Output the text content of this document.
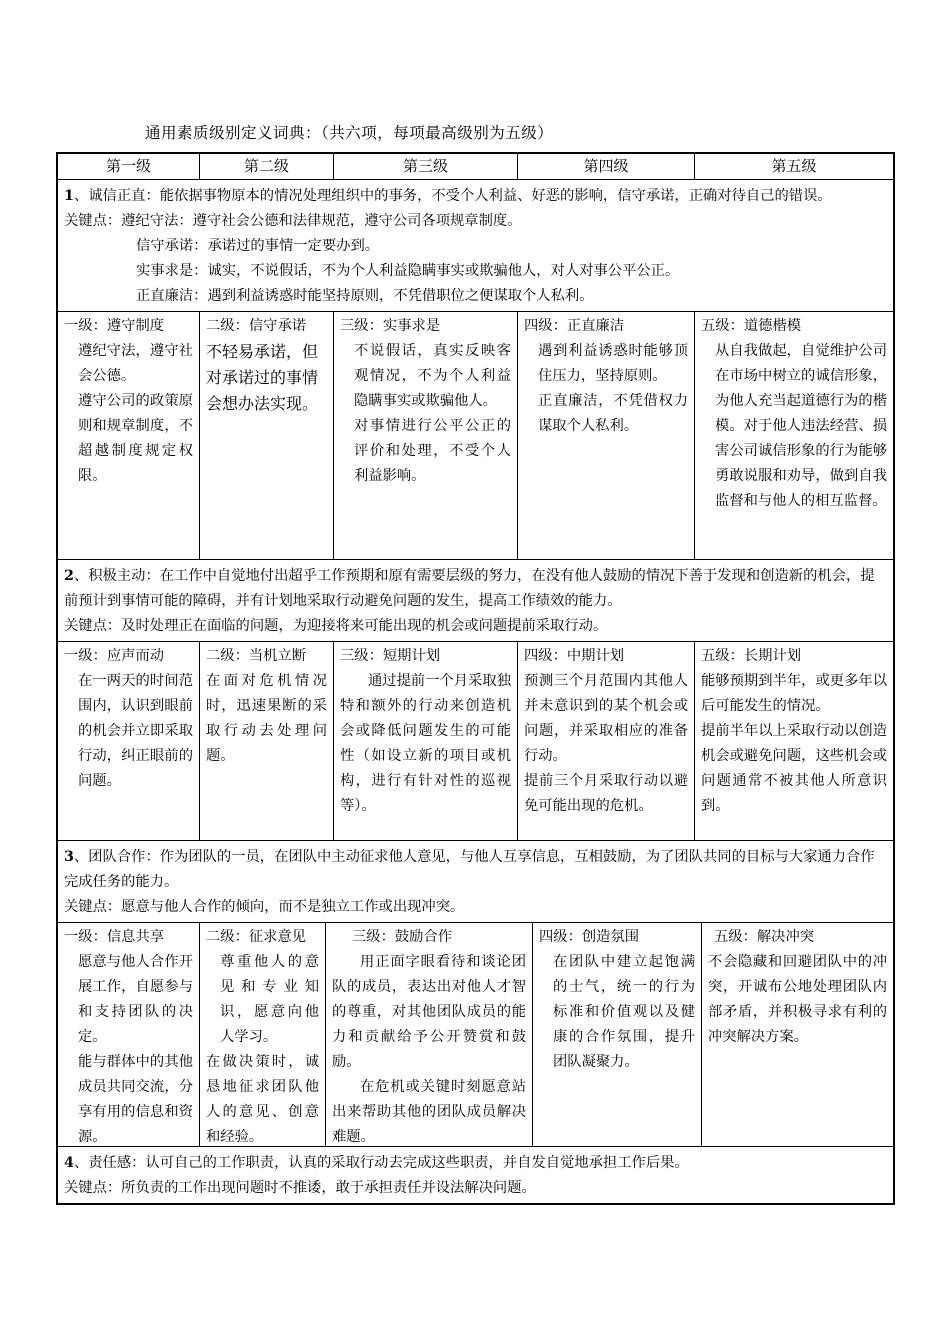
通用素质级别定义词典：（共六项，每项最高级别为五级）
第一级	第二级	第三级	第四级	第五级

1、诚信正直：能依据事物原本的情况处理组织中的事务，不受个人利益、好恶的影响，信守承诺，正确对待自己的错误。

关键点：遵纪守法：遵守社会公德和法律规范，遵守公司各项规章制度。

信守承诺：承诺过的事情一定要办到。

实事求是：诚实，不说假话，不为个人利益隐瞒事实或欺骗他人，对人对事公平公正。

正直廉洁：遇到利益诱惑时能坚持原则，不凭借职位之便谋取个人私利。

一级：遵守制度
遵纪守法，遵守社会公德。
遵守公司的政策原则和规章制度，不超越制度规定权限。
二级：信守承诺
不轻易承诺，但对承诺过的事情会想办法实现。
三级：实事求是
不说假话，真实反映客观情况，不为个人利益隐瞒事实或欺骗他人。
对事情进行公平公正的评价和处理，不受个人利益影响。
四级：正直廉洁
遇到利益诱惑时能够顶住压力，坚持原则。
正直廉洁，不凭借权力谋取个人私利。
五级：道德楷模
从自我做起，自觉维护公司在市场中树立的诚信形象，为他人充当起道德行为的楷模。对于他人违法经营、损害公司诚信形象的行为能够勇敢说服和劝导，做到自我监督和与他人的相互监督。

2、积极主动：在工作中自觉地付出超乎工作预期和原有需要层级的努力，在没有他人鼓励的情况下善于发现和创造新的机会，提前预计到事情可能的障碍，并有计划地采取行动避免问题的发生，提高工作绩效的能力。

关键点：及时处理正在面临的问题，为迎接将来可能出现的机会或问题提前采取行动。

一级：应声而动
在一两天的时间范围内，认识到眼前的机会并立即采取行动，纠正眼前的问题。
二级：当机立断
在面对危机情况时，迅速果断的采取行动去处理问题。
三级：短期计划
通过提前一个月采取独特和额外的行动来创造机会或降低问题发生的可能性（如设立新的项目或机构，进行有针对性的巡视等）。
四级：中期计划
预测三个月范围内其他人并未意识到的某个机会或问题，并采取相应的准备行动。
提前三个月采取行动以避免可能出现的危机。
五级：长期计划
能够预期到半年，或更多年以后可能发生的情况。
提前半年以上采取行动以创造机会或避免问题，这些机会或问题通常不被其他人所意识到。

3、团队合作：作为团队的一员，在团队中主动征求他人意见，与他人互享信息，互相鼓励，为了团队共同的目标与大家通力合作完成任务的能力。

关键点：愿意与他人合作的倾向，而不是独立工作或出现冲突。

一级：信息共享
愿意与他人合作开展工作，自愿参与和支持团队的决定。
能与群体中的其他成员共同交流，分享有用的信息和资源。
二级：征求意见
尊重他人的意见和专业知识，愿意向他人学习。
在做决策时，诚恳地征求团队他人的意见、创意和经验。
三级：鼓励合作
用正面字眼看待和谈论团队的成员，表达出对他人才智的尊重，对其他团队成员的能力和贡献给予公开赞赏和鼓励。
在危机或关键时刻愿意站出来帮助其他的团队成员解决难题。
四级：创造氛围
在团队中建立起饱满的士气，统一的行为标准和价值观以及健康的合作氛围，提升团队凝聚力。
五级：解决冲突
不会隐藏和回避团队中的冲突，开诚布公地处理团队内部矛盾，并积极寻求有利的冲突解决方案。

4、责任感：认可自己的工作职责，认真的采取行动去完成这些职责，并自发自觉地承担工作后果。

关键点：所负责的工作出现问题时不推诿，敢于承担责任并设法解决问题。
